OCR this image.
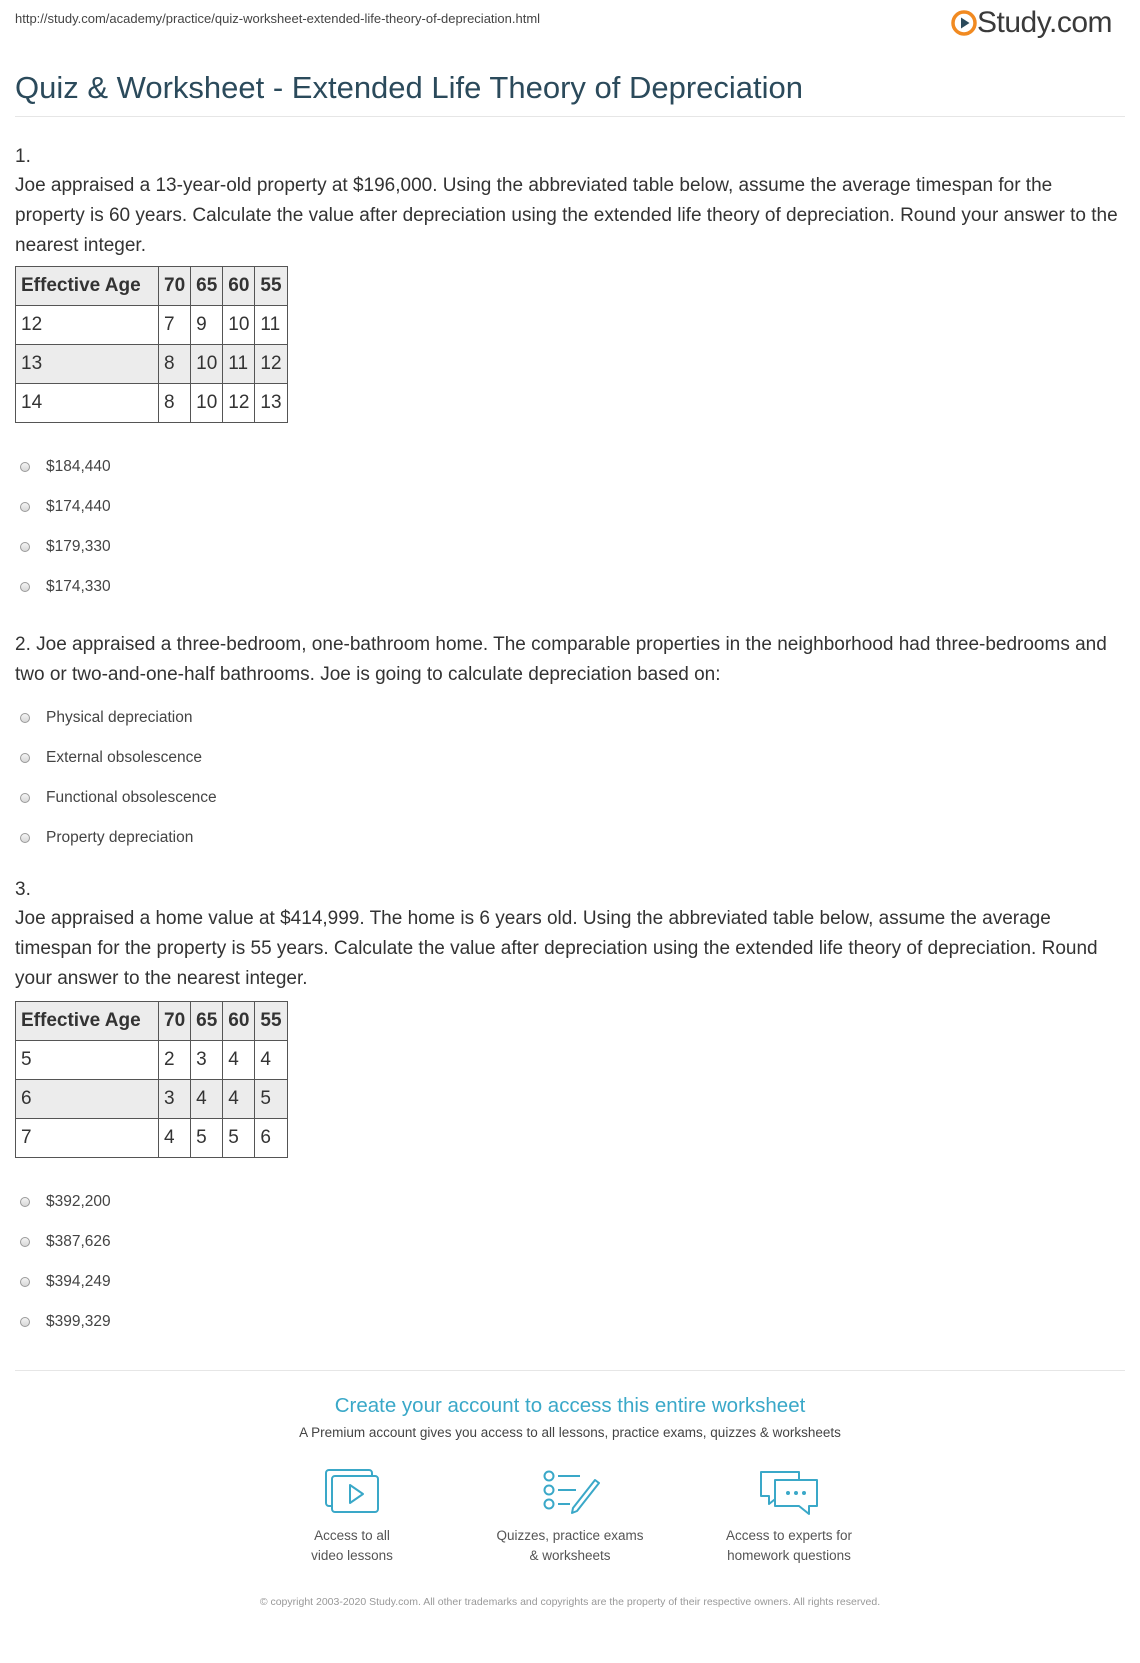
http://study.com/academy/practice/quiz-worksheet-extended-life-theory-of-depreciation.html	Study.com
Quiz & Worksheet - Extended Life Theory of Depreciation
1.
Joe appraised a 13-year-old property at $196,000. Using the abbreviated table below, assume the average timespan for the property is 60 years. Calculate the value after depreciation using the extended life theory of depreciation. Round your answer to the nearest integer.
Effective Age	70	65	60	55
12	7	9	10	11
13	8	10	11	12
14	8	10	12	13
$184,440
$174,440
$179,330
$174,330
2. Joe appraised a three-bedroom, one-bathroom home. The comparable properties in the neighborhood had three-bedrooms and two or two-and-one-half bathrooms. Joe is going to calculate depreciation based on:
Physical depreciation
External obsolescence
Functional obsolescence
Property depreciation
3.
Joe appraised a home value at $414,999. The home is 6 years old. Using the abbreviated table below, assume the average timespan for the property is 55 years. Calculate the value after depreciation using the extended life theory of depreciation. Round your answer to the nearest integer.
Effective Age	70	65	60	55
5	2	3	4	4
6	3	4	4	5
7	4	5	5	6
$392,200
$387,626
$394,249
$399,329
Create your account to access this entire worksheet
A Premium account gives you access to all lessons, practice exams, quizzes & worksheets
Access to all
video lessons
Quizzes, practice exams
& worksheets
Access to experts for
homework questions
© copyright 2003-2020 Study.com. All other trademarks and copyrights are the property of their respective owners. All rights reserved.
